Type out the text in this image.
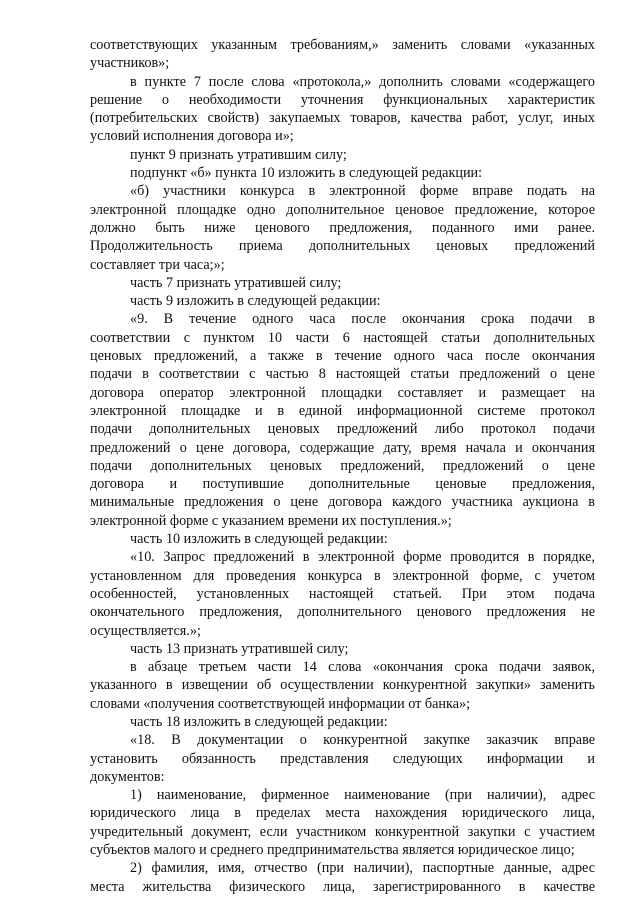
соответствующих указанным требованиям,» заменить словами «указанных

участников»;

в пункте 7 после слова «протокола,» дополнить словами «содержащего

решение о необходимости уточнения функциональных характеристик

(потребительских свойств) закупаемых товаров, качества работ, услуг, иных

условий исполнения договора и»;

пункт 9 признать утратившим силу;

подпункт «б» пункта 10 изложить в следующей редакции:

«б) участники конкурса в электронной форме вправе подать на

электронной площадке одно дополнительное ценовое предложение, которое

должно быть ниже ценового предложения, поданного ими ранее.

Продолжительность приема дополнительных ценовых предложений

составляет три часа;»;

часть 7 признать утратившей силу;

часть 9 изложить в следующей редакции:

«9. В течение одного часа после окончания срока подачи в

соответствии с пунктом 10 части 6 настоящей статьи дополнительных

ценовых предложений, а также в течение одного часа после окончания

подачи в соответствии с частью 8 настоящей статьи предложений о цене

договора оператор электронной площадки составляет и размещает на

электронной площадке и в единой информационной системе протокол

подачи дополнительных ценовых предложений либо протокол подачи

предложений о цене договора, содержащие дату, время начала и окончания

подачи дополнительных ценовых предложений, предложений о цене

договора и поступившие дополнительные ценовые предложения,

минимальные предложения о цене договора каждого участника аукциона в

электронной форме с указанием времени их поступления.»;

часть 10 изложить в следующей редакции:

«10. Запрос предложений в электронной форме проводится в порядке,

установленном для проведения конкурса в электронной форме, с учетом

особенностей, установленных настоящей статьей. При этом подача

окончательного предложения, дополнительного ценового предложения не

осуществляется.»;

часть 13 признать утратившей силу;

в абзаце третьем части 14 слова «окончания срока подачи заявок,

указанного в извещении об осуществлении конкурентной закупки» заменить

словами «получения соответствующей информации от банка»;

часть 18 изложить в следующей редакции:

«18. В документации о конкурентной закупке заказчик вправе

установить обязанность представления следующих информации и

документов:

1) наименование, фирменное наименование (при наличии), адрес

юридического лица в пределах места нахождения юридического лица,

учредительный документ, если участником конкурентной закупки с участием

субъектов малого и среднего предпринимательства является юридическое лицо;

2) фамилия, имя, отчество (при наличии), паспортные данные, адрес

места жительства физического лица, зарегистрированного в качестве
